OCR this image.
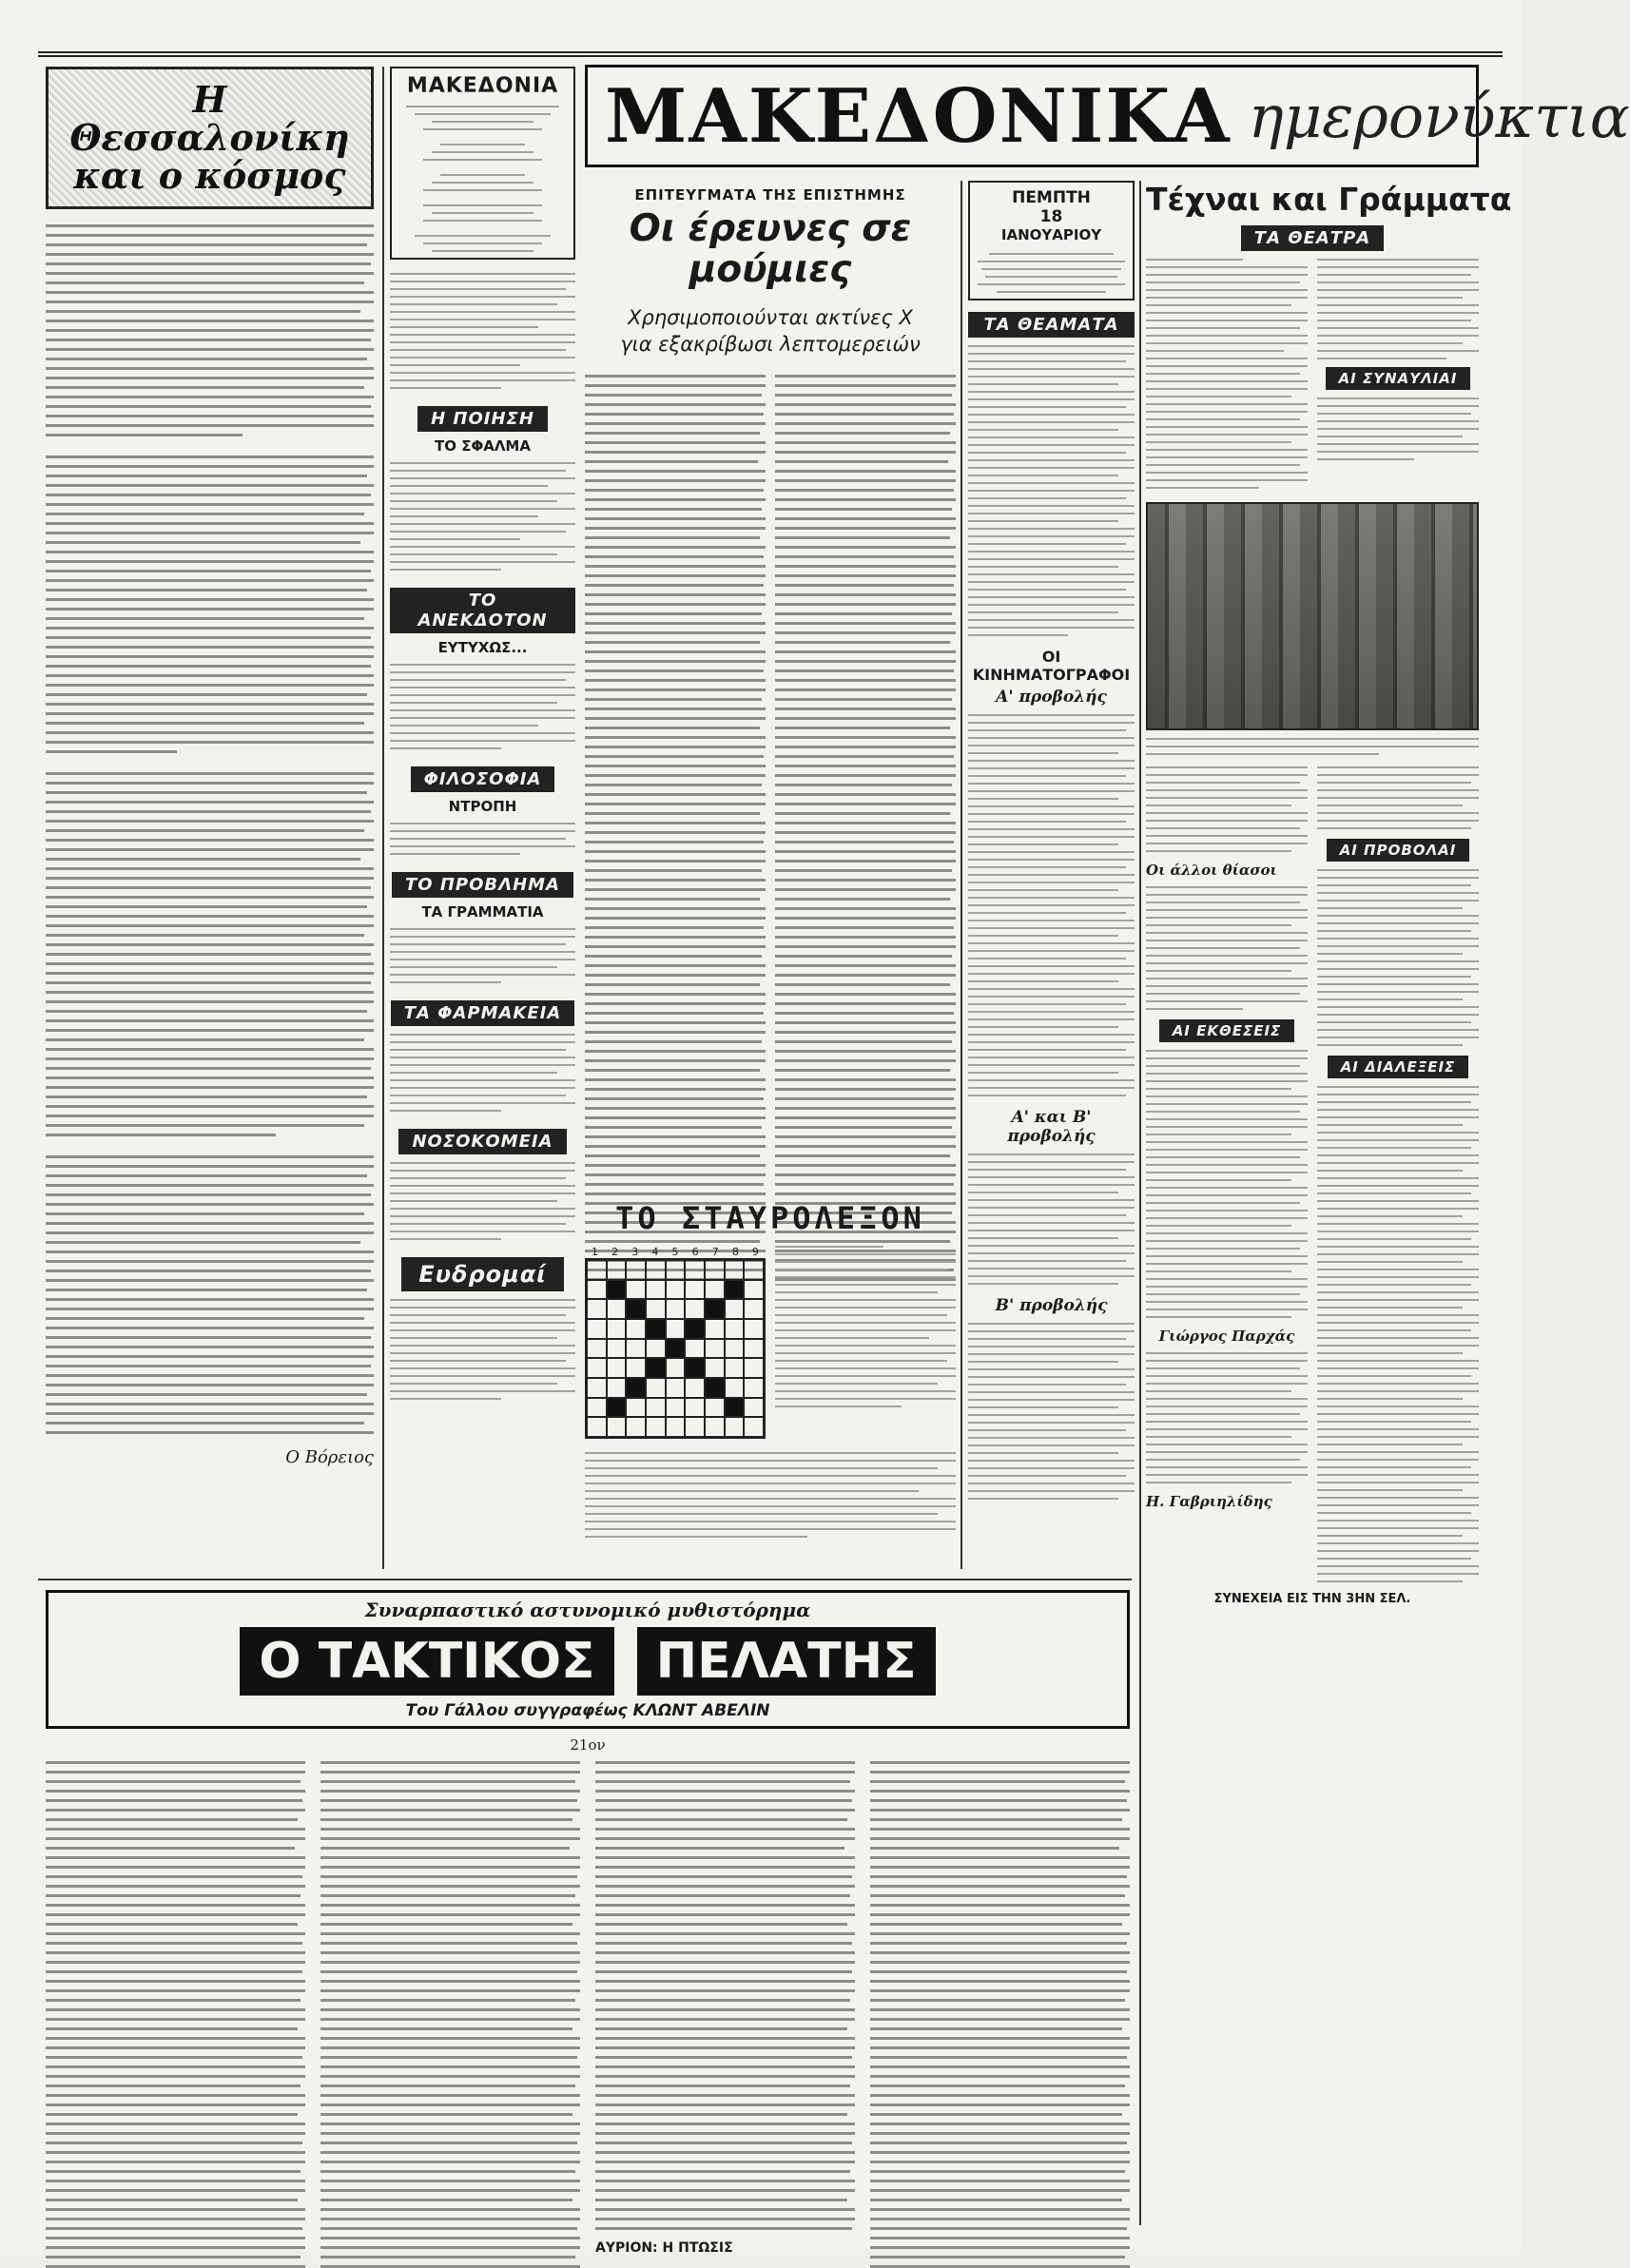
Η Θεσσαλονίκη
και ο κόσμος
Ο Βόρειος
ΜΑΚΕΔΟΝΙΑ
Η ΠΟΙΗΣΗ
ΤΟ ΣΦΑΛΜΑ
ΤΟ ΑΝΕΚΔΟΤΟΝ
ΕΥΤΥΧΩΣ...
ΦΙΛΟΣΟΦΙΑ
ΝΤΡΟΠΗ
ΤΟ ΠΡΟΒΛΗΜΑ
ΤΑ ΓΡΑΜΜΑΤΙΑ
ΤΑ ΦΑΡΜΑΚΕΙΑ
ΝΟΣΟΚΟΜΕΙΑ
Ευδρομαί
ΜΑΚΕΔΟΝΙΚΑ ημερονύκτια
ΕΠΙΤΕΥΓΜΑΤΑ ΤΗΣ ΕΠΙΣΤΗΜΗΣ
Οι έρευνες σε μούμιες
Χρησιμοποιούνται ακτίνες Χ
για εξακρίβωσι λεπτομερειών
ΤΟ ΣΤΑΥΡΟΛΕΞΟΝ
1 2 3 4 5 6 7 8 9
ΠΕΜΠΤΗ
18
ΙΑΝΟΥΑΡΙΟΥ
ΤΑ ΘΕΑΜΑΤΑ
ΟΙ ΚΙΝΗΜΑΤΟΓΡΑΦΟΙ
Α' προβολής
Α' και Β' προβολής
Β' προβολής
Τέχναι και Γράμματα
ΤΑ ΘΕΑΤΡΑ
ΑΙ ΣΥΝΑΥΛΙΑΙ
Οι άλλοι θίασοι
ΑΙ ΕΚΘΕΣΕΙΣ
Γιώργος Παρχάς
Η. Γαβριηλίδης
ΑΙ ΠΡΟΒΟΛΑΙ
ΑΙ ΔΙΑΛΕΞΕΙΣ
ΣΥΝΕΧΕΙΑ ΕΙΣ ΤΗΝ 3ΗΝ ΣΕΛ.
Συναρπαστικό αστυνομικό μυθιστόρημα
Ο ΤΑΚΤΙΚΟΣ	ΠΕΛΑΤΗΣ
Του Γάλλου συγγραφέως ΚΛΩΝΤ ΑΒΕΛΙΝ
21ον
ΑΥΡΙΟΝ: Η ΠΤΩΣΙΣ
